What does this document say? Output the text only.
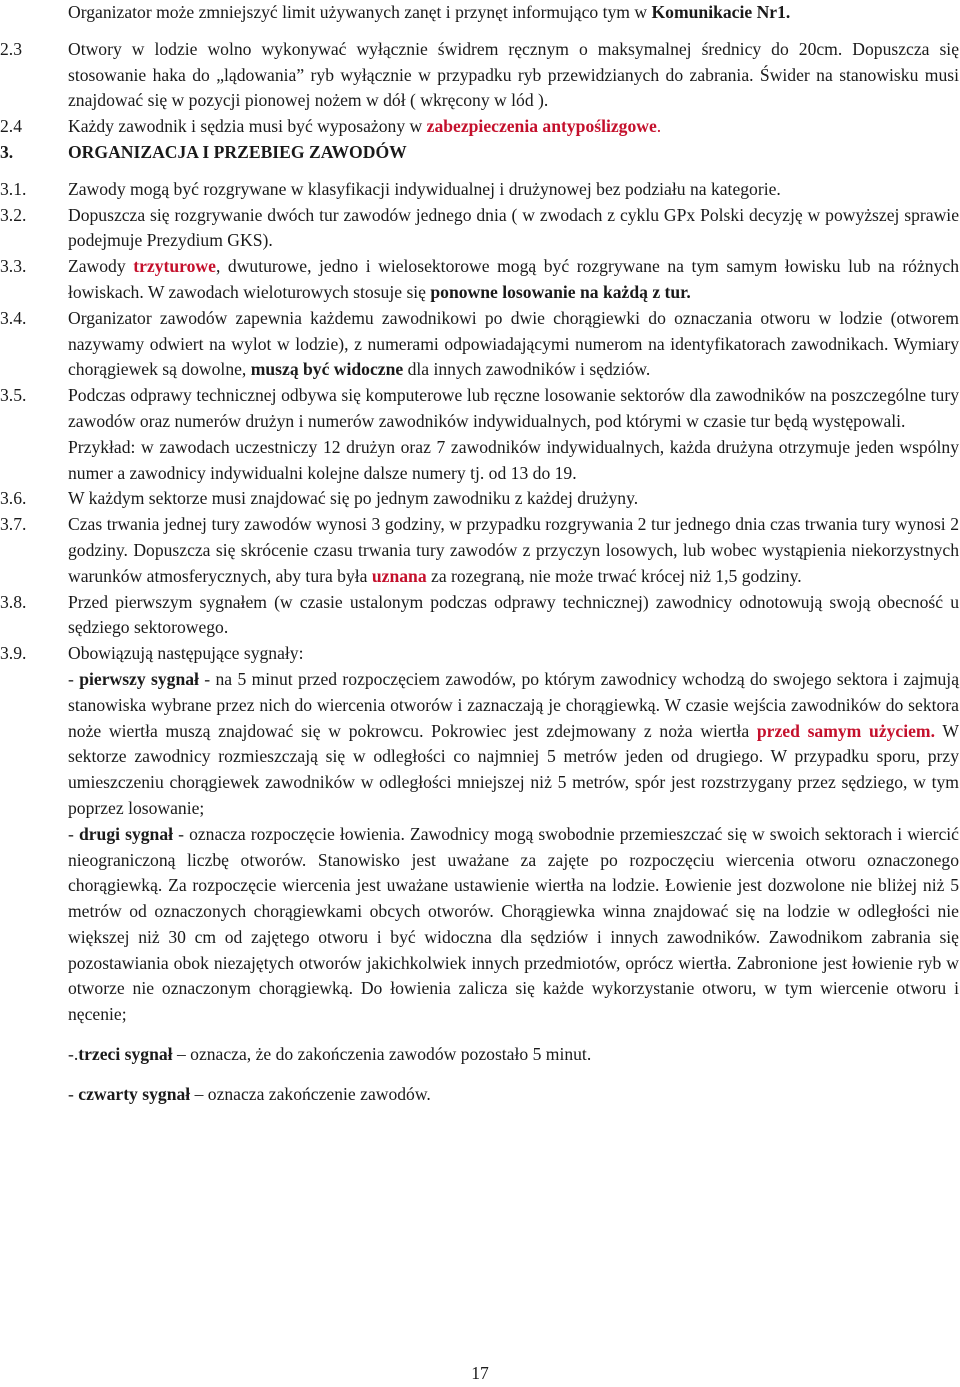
Organizator może zmniejszyć limit używanych zanęt i przynęt informująco tym w Komunikacie Nr1.
2.3	Otwory w lodzie wolno wykonywać wyłącznie świdrem ręcznym o maksymalnej średnicy do 20cm. Dopuszcza się stosowanie haka do „lądowania” ryb wyłącznie w przypadku ryb przewidzianych do zabrania. Świder na stanowisku musi znajdować się w pozycji pionowej nożem w dół ( wkręcony w lód ).
2.4	Każdy zawodnik i sędzia musi być wyposażony w zabezpieczenia antypoślizgowe.
3.	ORGANIZACJA I PRZEBIEG ZAWODÓW
3.1.	Zawody mogą być rozgrywane w klasyfikacji indywidualnej i drużynowej bez podziału na kategorie.
3.2.	Dopuszcza się rozgrywanie dwóch tur zawodów jednego dnia ( w zwodach z cyklu GPx Polski decyzję w powyższej sprawie podejmuje Prezydium GKS).
3.3.	Zawody trzyturowe, dwuturowe, jedno i wielosektorowe mogą być rozgrywane na tym samym łowisku lub na różnych łowiskach. W zawodach wieloturowych stosuje się ponowne losowanie na każdą z tur.
3.4.	Organizator zawodów zapewnia każdemu zawodnikowi po dwie chorągiewki do oznaczania otworu w lodzie (otworem nazywamy odwiert na wylot w lodzie), z numerami odpowiadającymi numerom na identyfikatorach zawodnikach. Wymiary chorągiewek są dowolne, muszą być widoczne dla innych zawodników i sędziów.
3.5.	Podczas odprawy technicznej odbywa się komputerowe lub ręczne losowanie sektorów dla zawodników na poszczególne tury zawodów oraz numerów drużyn i numerów zawodników indywidualnych, pod którymi w czasie tur będą występowali.
Przykład: w zawodach uczestniczy 12 drużyn oraz 7 zawodników indywidualnych, każda drużyna otrzymuje jeden wspólny numer a zawodnicy indywidualni kolejne dalsze numery tj. od 13 do 19.
3.6.	W każdym sektorze musi znajdować się po jednym zawodniku z każdej drużyny.
3.7.	Czas trwania jednej tury zawodów wynosi 3 godziny, w przypadku rozgrywania 2 tur jednego dnia czas trwania tury wynosi 2 godziny. Dopuszcza się skrócenie czasu trwania tury zawodów z przyczyn losowych, lub wobec wystąpienia niekorzystnych warunków atmosferycznych, aby tura była uznana za rozegraną, nie może trwać krócej niż 1,5 godziny.
3.8.	Przed pierwszym sygnałem (w czasie ustalonym podczas odprawy technicznej) zawodnicy odnotowują swoją obecność u sędziego sektorowego.
3.9.	Obowiązują następujące sygnały:
- pierwszy sygnał - na 5 minut przed rozpoczęciem zawodów, po którym zawodnicy wchodzą do swojego sektora i zajmują stanowiska wybrane przez nich do wiercenia otworów i zaznaczają je chorągiewką. W czasie wejścia zawodników do sektora noże wiertła muszą znajdować się w pokrowcu. Pokrowiec jest zdejmowany z noża wiertła przed samym użyciem. W sektorze zawodnicy rozmieszczają się w odległości co najmniej 5 metrów jeden od drugiego. W przypadku sporu, przy umieszczeniu chorągiewek zawodników w odległości mniejszej niż 5 metrów, spór jest rozstrzygany przez sędziego, w tym poprzez losowanie;
- drugi sygnał - oznacza rozpoczęcie łowienia. Zawodnicy mogą swobodnie przemieszczać się w swoich sektorach i wiercić nieograniczoną liczbę otworów. Stanowisko jest uważane za zajęte po rozpoczęciu wiercenia otworu oznaczonego chorągiewką. Za rozpoczęcie wiercenia jest uważane ustawienie wiertła na lodzie. Łowienie jest dozwolone nie bliżej niż 5 metrów od oznaczonych chorągiewkami obcych otworów. Chorągiewka winna znajdować się na lodzie w odległości nie większej niż 30 cm od zajętego otworu i być widoczna dla sędziów i innych zawodników. Zawodnikom zabrania się pozostawiania obok niezajętych otworów jakichkolwiek innych przedmiotów, oprócz wiertła. Zabronione jest łowienie ryb w otworze nie oznaczonym chorągiewką. Do łowienia zalicza się każde wykorzystanie otworu, w tym wiercenie otworu i nęcenie;
-.trzeci sygnał – oznacza, że do zakończenia zawodów pozostało 5 minut.
- czwarty sygnał – oznacza zakończenie zawodów.
17
